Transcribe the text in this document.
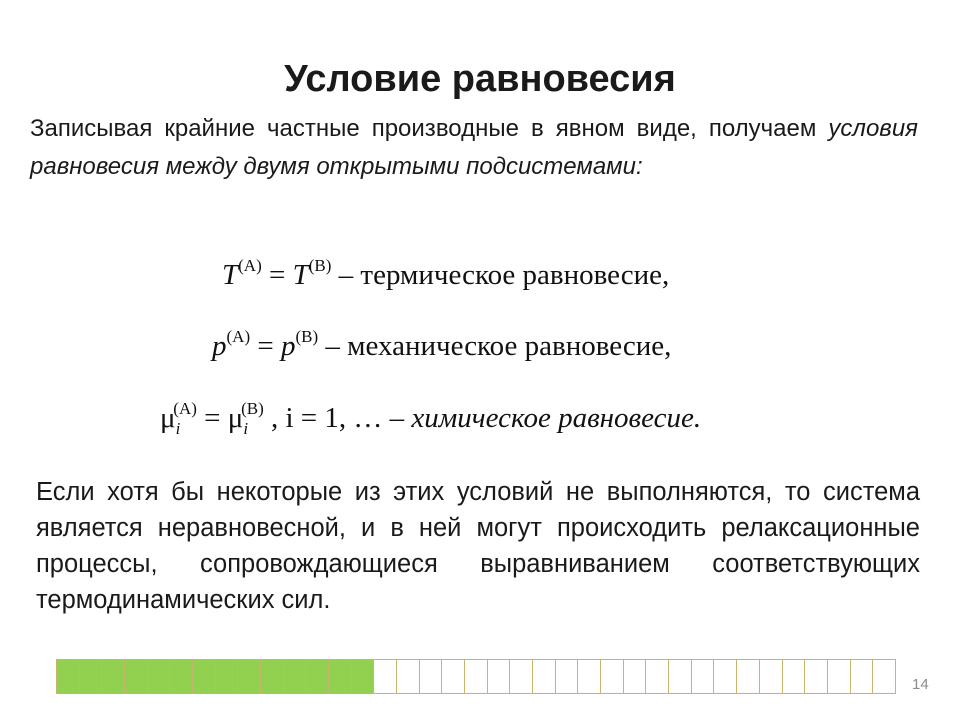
Условие равновесия
Записывая крайние частные производные в явном виде, получаем условия равновесия между двумя открытыми подсистемами:
$T^{(A)} = T^{(B)}$ – термическое равновесие,
$p^{(A)} = p^{(B)}$ – механическое равновесие,
$\mu_i(A) = \mu_i(B)$ , i = 1, … – химическое равновесие.
Если хотя бы некоторые из этих условий не выполняются, то система является неравновесной, и в ней могут происходить релаксационные процессы, сопровождающиеся выравниванием соответствующих термодинамических сил.
14
